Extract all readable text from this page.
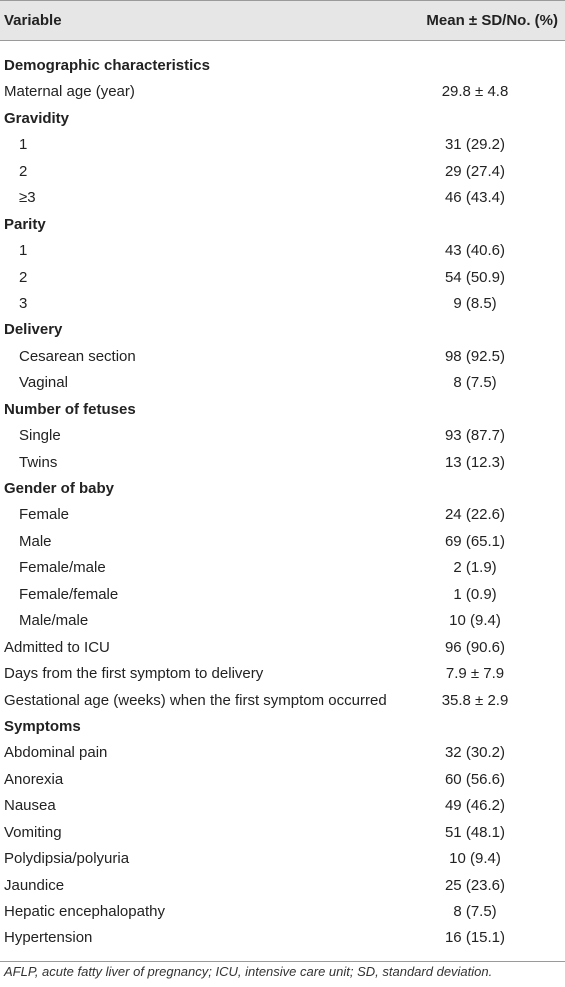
Variable	Mean ± SD/No. (%)
Demographic characteristics
Maternal age (year)	29.8 ± 4.8
Gravidity
1	31 (29.2)
2	29 (27.4)
≥3	46 (43.4)
Parity
1	43 (40.6)
2	54 (50.9)
3	9 (8.5)
Delivery
Cesarean section	98 (92.5)
Vaginal	8 (7.5)
Number of fetuses
Single	93 (87.7)
Twins	13 (12.3)
Gender of baby
Female	24 (22.6)
Male	69 (65.1)
Female/male	2 (1.9)
Female/female	1 (0.9)
Male/male	10 (9.4)
Admitted to ICU	96 (90.6)
Days from the first symptom to delivery	7.9 ± 7.9
Gestational age (weeks) when the first symptom occurred	35.8 ± 2.9
Symptoms
Abdominal pain	32 (30.2)
Anorexia	60 (56.6)
Nausea	49 (46.2)
Vomiting	51 (48.1)
Polydipsia/polyuria	10 (9.4)
Jaundice	25 (23.6)
Hepatic encephalopathy	8 (7.5)
Hypertension	16 (15.1)
AFLP, acute fatty liver of pregnancy; ICU, intensive care unit; SD, standard deviation.
